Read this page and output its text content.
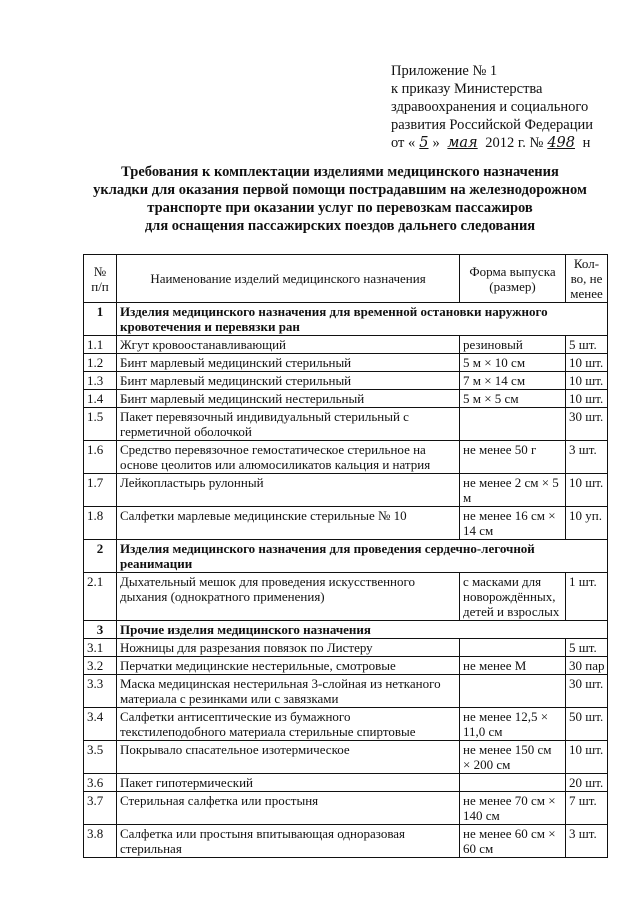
Приложение № 1
к приказу Министерства
здравоохранения и социального
развития Российской Федерации
от « 5 » мая 2012 г. № 498 н
Требования к комплектации изделиями медицинского назначения
укладки для оказания первой помощи пострадавшим на железнодорожном
транспорте при оказании услуг по перевозкам пассажиров
для оснащения пассажирских поездов дальнего следования
№ п/п	Наименование изделий медицинского назначения	Форма выпуска (размер)	Кол-во, не менее
1	Изделия медицинского назначения для временной остановки наружного кровотечения и перевязки ран		
1.1	Жгут кровоостанавливающий	резиновый	5 шт.
1.2	Бинт марлевый медицинский стерильный	5 м × 10 см	10 шт.
1.3	Бинт марлевый медицинский стерильный	7 м × 14 см	10 шт.
1.4	Бинт марлевый медицинский нестерильный	5 м × 5 см	10 шт.
1.5	Пакет перевязочный индивидуальный стерильный с герметичной оболочкой		30 шт.
1.6	Средство перевязочное гемостатическое стерильное на основе цеолитов или алюмосиликатов кальция и натрия	не менее 50 г	3 шт.
1.7	Лейкопластырь рулонный	не менее 2 см × 5 м	10 шт.
1.8	Салфетки марлевые медицинские стерильные № 10	не менее 16 см × 14 см	10 уп.
2	Изделия медицинского назначения для проведения сердечно-легочной реанимации		
2.1	Дыхательный мешок для проведения искусственного дыхания (однократного применения)	с масками для новорождённых, детей и взрослых	1 шт.
3	Прочие изделия медицинского назначения		
3.1	Ножницы для разрезания повязок по Листеру		5 шт.
3.2	Перчатки медицинские нестерильные, смотровые	не менее М	30 пар
3.3	Маска медицинская нестерильная 3-слойная из нетканого материала с резинками или с завязками		30 шт.
3.4	Салфетки антисептические из бумажного текстилеподобного материала стерильные спиртовые	не менее 12,5 × 11,0 см	50 шт.
3.5	Покрывало спасательное изотермическое	не менее 150 см × 200 см	10 шт.
3.6	Пакет гипотермический		20 шт.
3.7	Стерильная салфетка или простыня	не менее 70 см × 140 см	7 шт.
3.8	Салфетка или простыня впитывающая одноразовая стерильная	не менее 60 см × 60 см	3 шт.
